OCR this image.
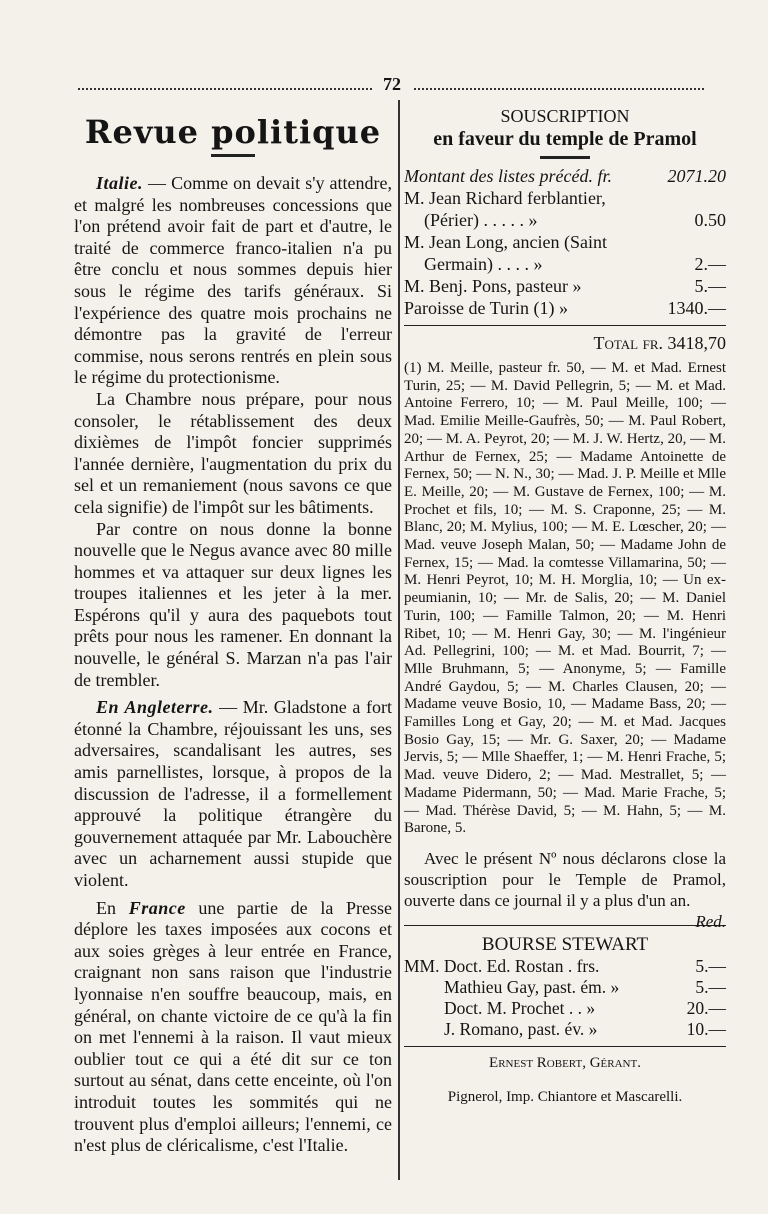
72
Revue politique

Italie. — Comme on devait s'y attendre, et malgré les nombreuses concessions que l'on prétend avoir fait de part et d'autre, le traité de commerce franco-italien n'a pu être conclu et nous sommes depuis hier sous le régime des tarifs généraux. Si l'expérience des quatre mois prochains ne démontre pas la gravité de l'erreur commise, nous serons rentrés en plein sous le régime du protectionisme.

La Chambre nous prépare, pour nous consoler, le rétablissement des deux dixièmes de l'impôt foncier supprimés l'année dernière, l'augmentation du prix du sel et un remaniement (nous savons ce que cela signifie) de l'impôt sur les bâtiments.

Par contre on nous donne la bonne nouvelle que le Negus avance avec 80 mille hommes et va attaquer sur deux lignes les troupes italiennes et les jeter à la mer. Espérons qu'il y aura des paquebots tout prêts pour nous les ramener. En donnant la nouvelle, le général S. Marzan n'a pas l'air de trembler.

En Angleterre. — Mr. Gladstone a fort étonné la Chambre, réjouissant les uns, ses adversaires, scandalisant les autres, ses amis parnellistes, lorsque, à propos de la discussion de l'adresse, il a formellement approuvé la politique étrangère du gouvernement attaquée par Mr. Labouchère avec un acharnement aussi stupide que violent.

En France une partie de la Presse déplore les taxes imposées aux cocons et aux soies grèges à leur entrée en France, craignant non sans raison que l'industrie lyonnaise n'en souffre beaucoup, mais, en général, on chante victoire de ce qu'à la fin on met l'ennemi à la raison. Il vaut mieux oublier tout ce qui a été dit sur ce ton surtout au sénat, dans cette enceinte, où l'on introduit toutes les sommités qui ne trouvent plus d'emploi ailleurs; l'ennemi, ce n'est plus de cléricalisme, c'est l'Italie.

SOUSCRIPTION
en faveur du temple de Pramol
Montant des listes précéd. fr.	2071.20
M. Jean Richard ferblantier,
(Périer) . . . . . »	0.50
M. Jean Long, ancien (Saint
Germain) . . . . »	2.—
M. Benj. Pons, pasteur »	5.—
Paroisse de Turin (1) »	1340.—
Total fr. 3418,70

(1) M. Meille, pasteur fr. 50, — M. et Mad. Ernest Turin, 25; — M. David Pellegrin, 5; — M. et Mad. Antoine Ferrero, 10; — M. Paul Meille, 100; — Mad. Emilie Meille-Gaufrès, 50; — M. Paul Robert, 20; — M. A. Peyrot, 20; — M. J. W. Hertz, 20, — M. Arthur de Fernex, 25; — Madame Antoinette de Fernex, 50; — N. N., 30; — Mad. J. P. Meille et Mlle E. Meille, 20; — M. Gustave de Fernex, 100; — M. Prochet et fils, 10; — M. S. Craponne, 25; — M. Blanc, 20; M. Mylius, 100; — M. E. Lœscher, 20; — Mad. veuve Joseph Malan, 50; — Madame John de Fernex, 15; — Mad. la comtesse Villamarina, 50; — M. Henri Peyrot, 10; M. H. Morglia, 10; — Un ex-peumianin, 10; — Mr. de Salis, 20; — M. Daniel Turin, 100; — Famille Talmon, 20; — M. Henri Ribet, 10; — M. Henri Gay, 30; — M. l'ingénieur Ad. Pellegrini, 100; — M. et Mad. Bourrit, 7; — Mlle Bruhmann, 5; — Anonyme, 5; — Famille André Gaydou, 5; — M. Charles Clausen, 20; — Madame veuve Bosio, 10, — Madame Bass, 20; — Familles Long et Gay, 20; — M. et Mad. Jacques Bosio Gay, 15; — Mr. G. Saxer, 20; — Madame Jervis, 5; — Mlle Shaeffer, 1; — M. Henri Frache, 5; Mad. veuve Didero, 2; — Mad. Mestrallet, 5; — Madame Pidermann, 50; — Mad. Marie Frache, 5; — Mad. Thérèse David, 5; — M. Hahn, 5; — M. Barone, 5.

Avec le présent Nº nous déclarons close la souscription pour le Temple de Pramol, ouverte dans ce journal il y a plus d'un an.
Red.

BOURSE STEWART
MM. Doct. Ed. Rostan . frs.	5.—
Mathieu Gay, past. ém. »	5.—
Doct. M. Prochet . . »	20.—
J. Romano, past. év. »	10.—
Ernest Robert, Gérant.
Pignerol, Imp. Chiantore et Mascarelli.
